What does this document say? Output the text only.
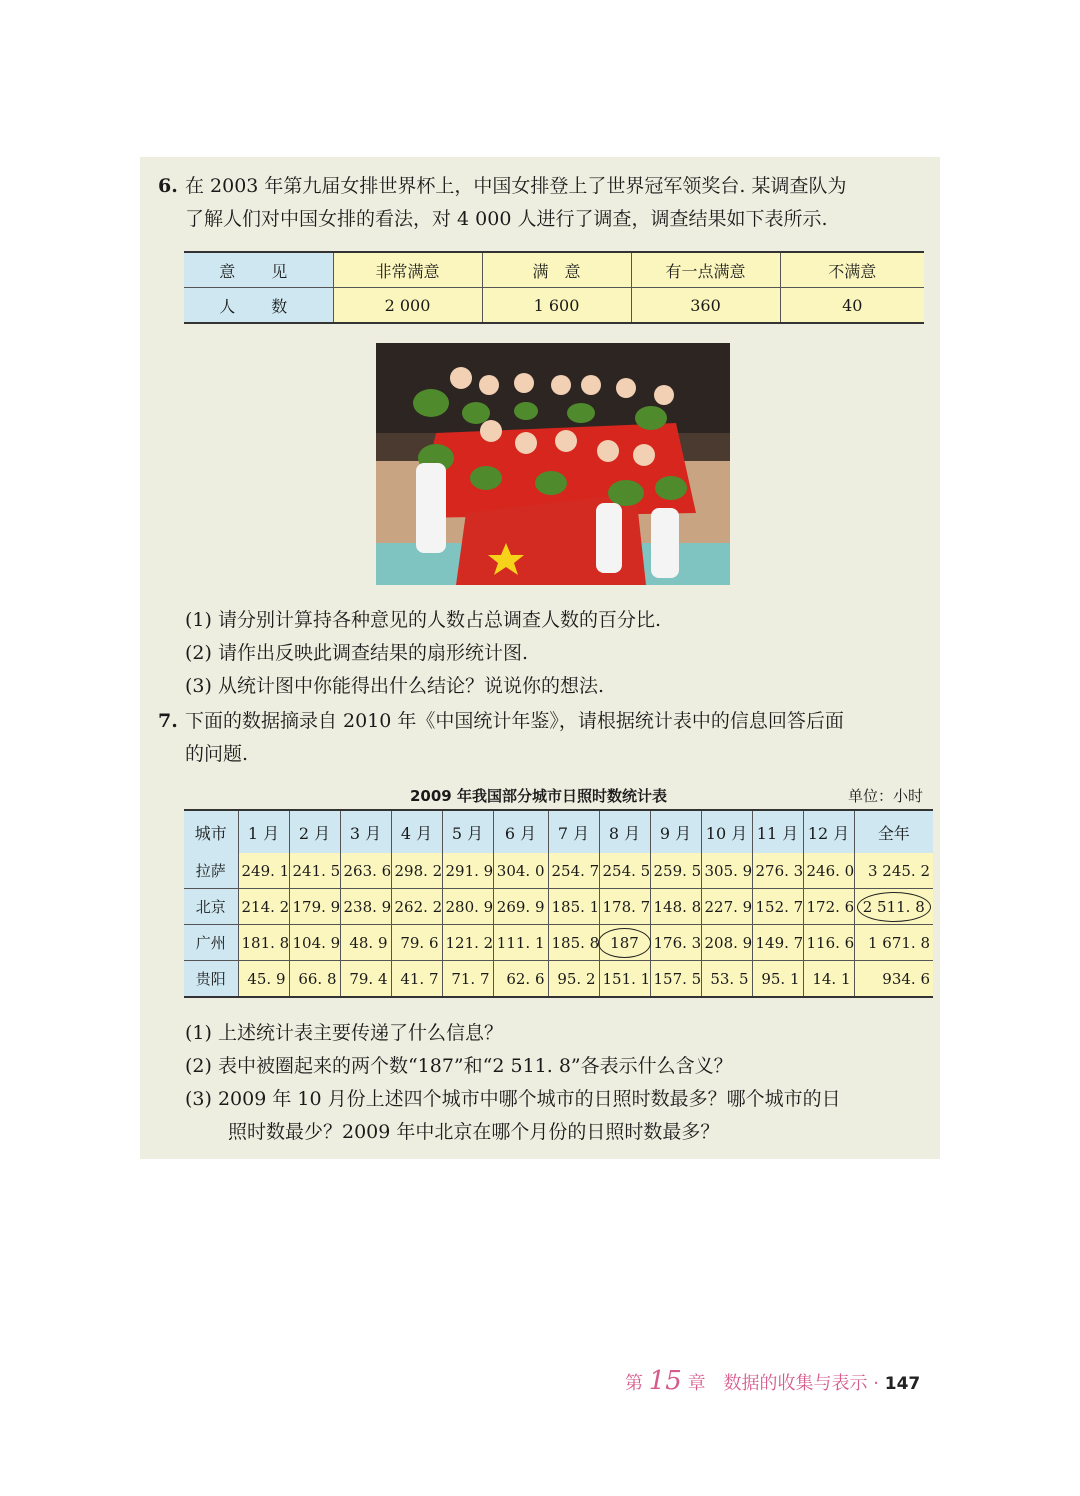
6. 在 2003 年第九届女排世界杯上，中国女排登上了世界冠军领奖台. 某调查队为
了解人们对中国女排的看法，对 4 000 人进行了调查，调查结果如下表所示.
意　见	非常满意	满　意	有一点满意	不满意
人　数	2 000	1 600	360	40
(1) 请分别计算持各种意见的人数占总调查人数的百分比.
(2) 请作出反映此调查结果的扇形统计图.
(3) 从统计图中你能得出什么结论？说说你的想法.
7. 下面的数据摘录自 2010 年《中国统计年鉴》，请根据统计表中的信息回答后面
的问题.
2009 年我国部分城市日照时数统计表	单位：小时
城市	1 月	2 月	3 月	4 月	5 月	6 月	7 月	8 月	9 月	10 月	11 月	12 月	全年
拉萨	249. 1	241. 5	263. 6	298. 2	291. 9	304. 0	254. 7	254. 5	259. 5	305. 9	276. 3	246. 0	3 245. 2
北京	214. 2	179. 9	238. 9	262. 2	280. 9	269. 9	185. 1	178. 7	148. 8	227. 9	152. 7	172. 6	2 511. 8
广州	181. 8	104. 9	48. 9	79. 6	121. 2	111. 1	185. 8	187	176. 3	208. 9	149. 7	116. 6	1 671. 8
贵阳	45. 9	66. 8	79. 4	41. 7	71. 7	62. 6	95. 2	151. 1	157. 5	53. 5	95. 1	14. 1	934. 6
(1) 上述统计表主要传递了什么信息？
(2) 表中被圈起来的两个数“187”和“2 511. 8”各表示什么含义？
(3) 2009 年 10 月份上述四个城市中哪个城市的日照时数最多？哪个城市的日
照时数最少？2009 年中北京在哪个月份的日照时数最多？
第 15 章　数据的收集与表示 · 147
